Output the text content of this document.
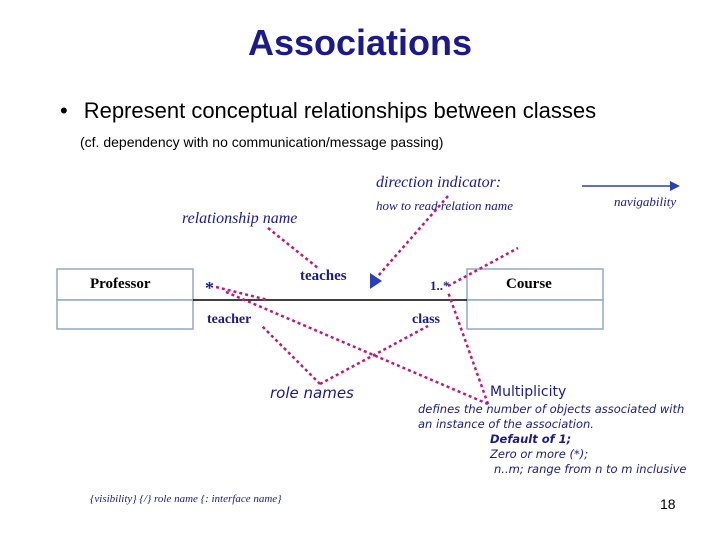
Associations
• Represent conceptual relationships between classes
(cf. dependency with no communication/message passing)
direction indicator:
how to read relation name	navigability
relationship name
Professor	Course
teaches
*	1..*
teacher	class
role names
{visibility} {/} role name {: interface name}
Multiplicity
defines the number of objects associated with
an instance of the association.
Default of 1;
Zero or more (*);
n..m; range from n to m inclusive
18
